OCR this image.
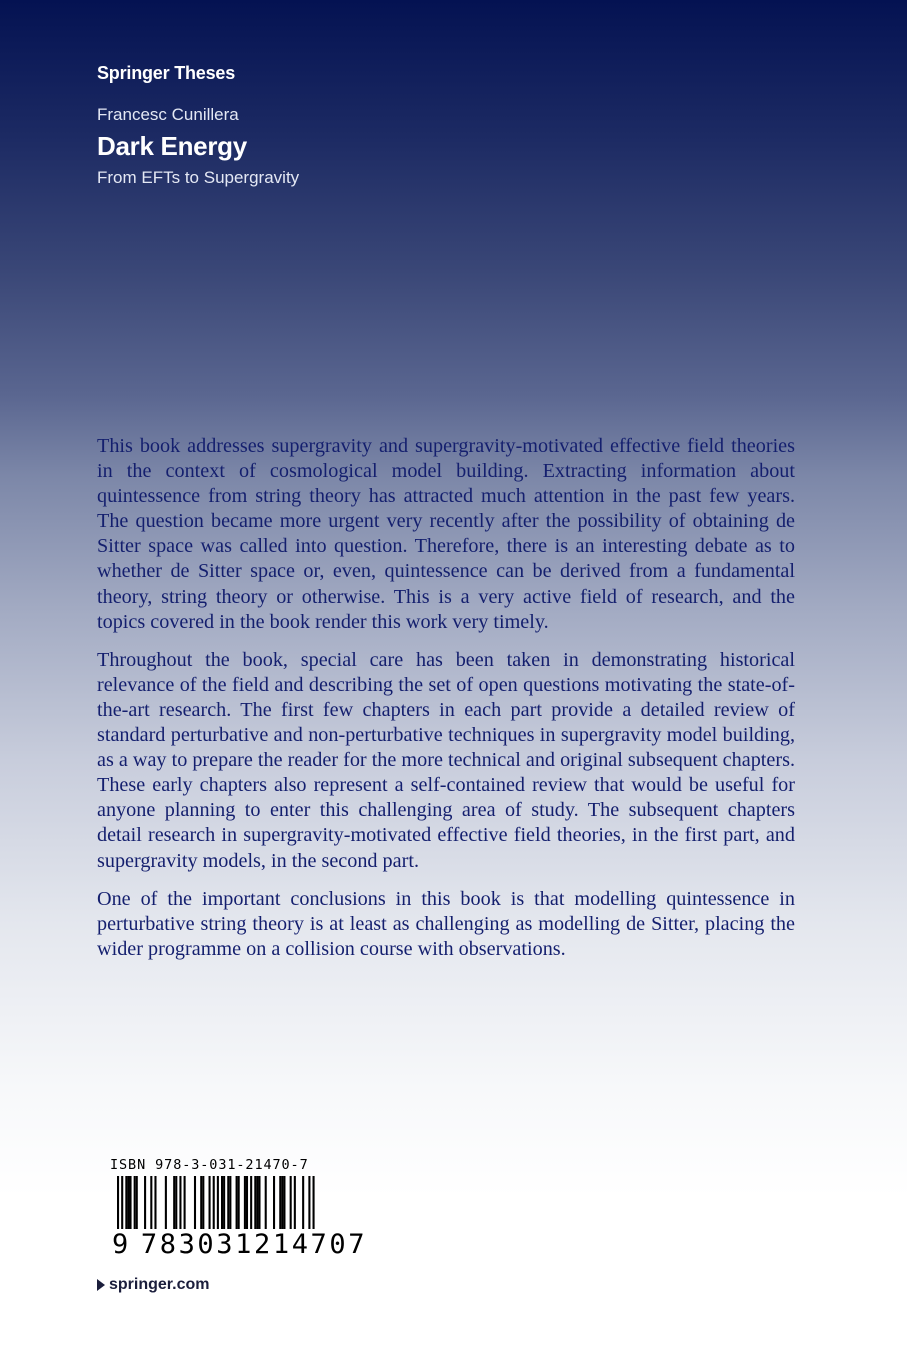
Springer Theses
Francesc Cunillera
Dark Energy
From EFTs to Supergravity

This book addresses supergravity and supergravity-motivated effective field theories in the context of cosmological model building. Extracting information about quintessence from string theory has attracted much attention in the past few years. The question became more urgent very recently after the possibility of obtaining de Sitter space was called into question. Therefore, there is an interesting debate as to whether de Sitter space or, even, quintessence can be derived from a fundamental theory, string theory or otherwise. This is a very active field of research, and the topics covered in the book render this work very timely.

Throughout the book, special care has been taken in demonstrating historical relevance of the field and describing the set of open questions motivating the state-of-the-art research. The first few chapters in each part provide a detailed review of standard perturbative and non-perturbative techniques in supergravity model building, as a way to prepare the reader for the more technical and original subsequent chapters. These early chapters also represent a self-contained review that would be useful for anyone planning to enter this challenging area of study. The subsequent chapters detail research in supergravity-motivated effective field theories, in the first part, and supergravity models, in the second part.

One of the important conclusions in this book is that modelling quintessence in perturbative string theory is at least as challenging as modelling de Sitter, placing the wider programme on a collision course with observations.

ISBN 978-3-031-21470-7
9 783031214707
springer.com
